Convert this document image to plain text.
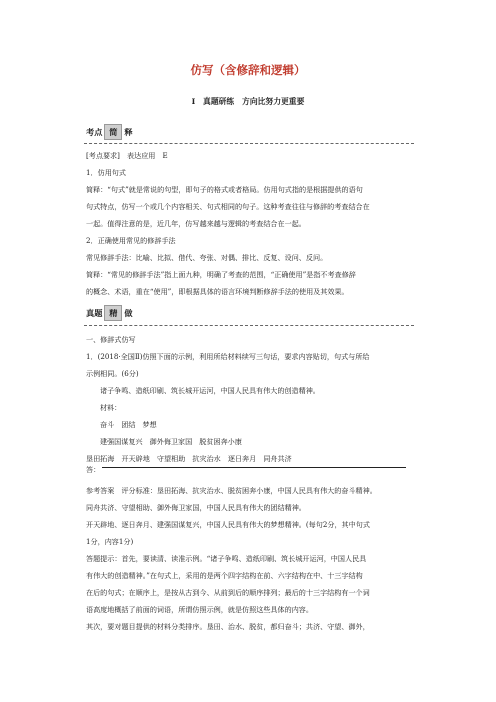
仿写（含修辞和逻辑）
Ⅰ　真题研练　方向比努力更重要
考点 简 释
[考点要求]　表达应用　E
1．仿用句式
简释：“句式”就是常说的句型，即句子的格式或者格局。仿用句式指的是根据提供的语句
句式特点，仿写一个或几个内容相关、句式相同的句子。这种考查往往与修辞的考查结合在
一起。值得注意的是，近几年，仿写越来越与逻辑的考查结合在一起。
2．正确使用常见的修辞手法
常见修辞手法：比喻、比拟、借代、夸张、对偶、排比、反复、设问、反问。
简释：“常见的修辞手法”指上面九种，明确了考查的范围，“正确使用”是指不考查修辞
的概念、术语，重在“使用”，即根据具体的语言环境判断修辞手法的使用及其效果。
真题 精 做
一、修辞式仿写
1．(2018·全国Ⅱ)仿照下面的示例，利用所给材料续写三句话，要求内容贴切，句式与所给
示例相同。(6分)
诸子争鸣、造纸印刷、筑长城开运河，中国人民具有伟大的创造精神。
材料：
奋斗　团结　梦想
建强国谋复兴　御外侮卫家国　脱贫困奔小康
垦田拓海　开天辟地　守望相助　抗灾治水　逐日奔月　同舟共济
答：
参考答案　评分标准：垦田拓海、抗灾治水、脱贫困奔小康，中国人民具有伟大的奋斗精神。
同舟共济、守望相助、御外侮卫家国，中国人民具有伟大的团结精神。
开天辟地、逐日奔月、建强国谋复兴，中国人民具有伟大的梦想精神。(每句2分，其中句式
1分，内容1分)
答题提示：首先，要读清、读准示例。“诸子争鸣、造纸印刷、筑长城开运河，中国人民具
有伟大的创造精神。”在句式上，采用的是两个四字结构在前、六字结构在中、十三字结构
在后的句式；在顺序上，是按从古到今、从前到后的顺序排列；最后的十三字结构有一个词
语高度地概括了前面的词语，所谓仿照示例，就是仿照这些具体的内容。
其次，要对题目提供的材料分类排序。垦田、治水、脱贫，都归奋斗；共济、守望、御外，
